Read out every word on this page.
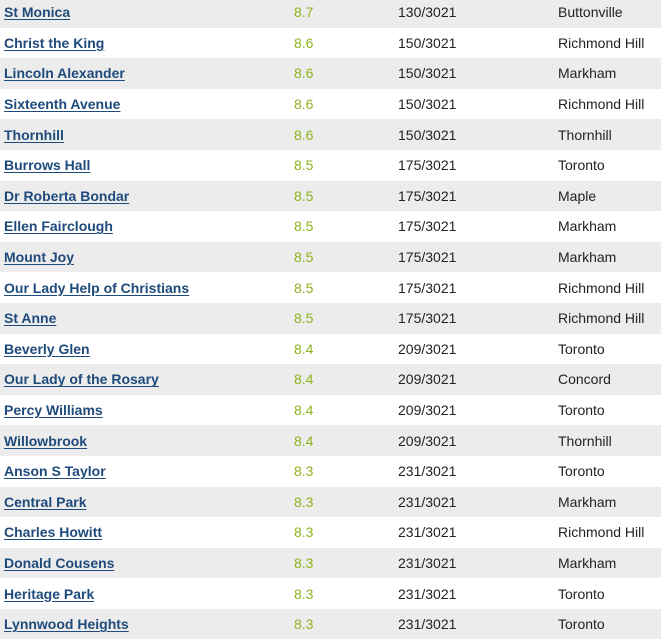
St Monica	8.7	130/3021	Buttonville
Christ the King	8.6	150/3021	Richmond Hill
Lincoln Alexander	8.6	150/3021	Markham
Sixteenth Avenue	8.6	150/3021	Richmond Hill
Thornhill	8.6	150/3021	Thornhill
Burrows Hall	8.5	175/3021	Toronto
Dr Roberta Bondar	8.5	175/3021	Maple
Ellen Fairclough	8.5	175/3021	Markham
Mount Joy	8.5	175/3021	Markham
Our Lady Help of Christians	8.5	175/3021	Richmond Hill
St Anne	8.5	175/3021	Richmond Hill
Beverly Glen	8.4	209/3021	Toronto
Our Lady of the Rosary	8.4	209/3021	Concord
Percy Williams	8.4	209/3021	Toronto
Willowbrook	8.4	209/3021	Thornhill
Anson S Taylor	8.3	231/3021	Toronto
Central Park	8.3	231/3021	Markham
Charles Howitt	8.3	231/3021	Richmond Hill
Donald Cousens	8.3	231/3021	Markham
Heritage Park	8.3	231/3021	Toronto
Lynnwood Heights	8.3	231/3021	Toronto
